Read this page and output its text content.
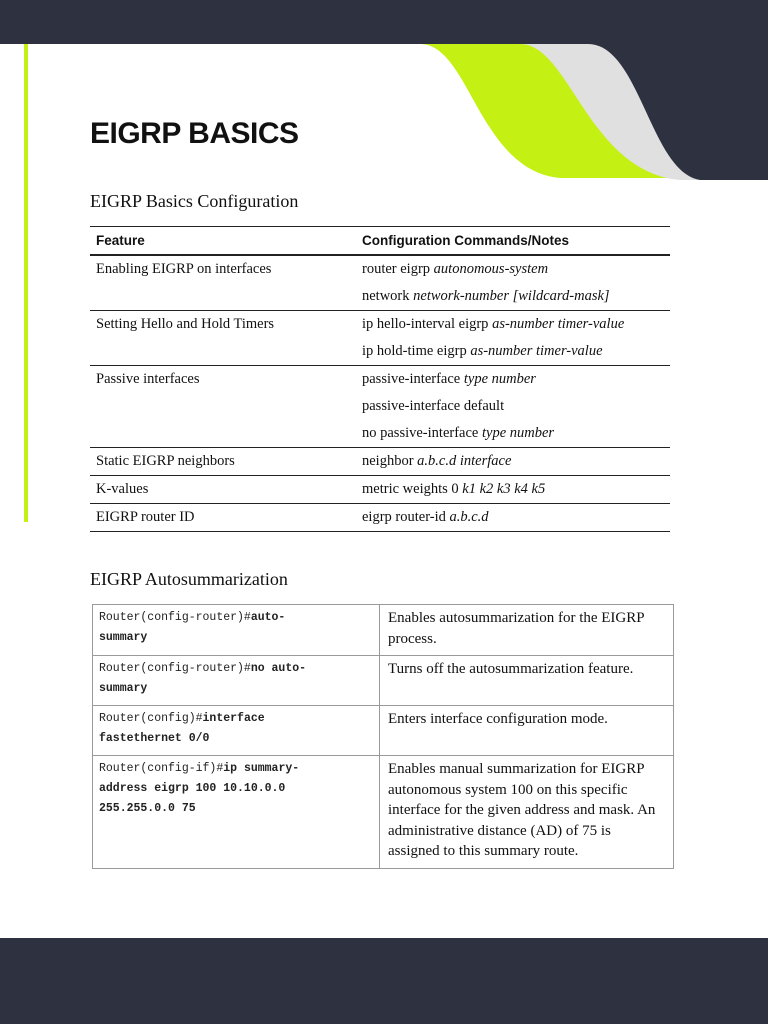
EIGRP BASICS
EIGRP Basics Configuration
Feature	Configuration Commands/Notes
Enabling EIGRP on interfaces	router eigrp autonomous-system
network network-number [wildcard-mask]

Setting Hello and Hold Timers	ip hello-interval eigrp as-number timer-value
ip hold-time eigrp as-number timer-value

Passive interfaces	passive-interface type number
passive-interface default
no passive-interface type number

Static EIGRP neighbors	neighbor a.b.c.d interface

K-values	metric weights 0 k1 k2 k3 k4 k5

EIGRP router ID	eigrp router-id a.b.c.d
EIGRP Autosummarization
Router(config-router)#auto-
summary	Enables autosummarization for the EIGRP process.
Router(config-router)#no auto-
summary	Turns off the autosummarization feature.
Router(config)#interface
fastethernet 0/0	Enters interface configuration mode.
Router(config-if)#ip summary-
address eigrp 100 10.10.0.0
255.255.0.0 75	Enables manual summarization for EIGRP autonomous system 100 on this specific interface for the given address and mask. An administrative distance (AD) of 75 is assigned to this summary route.
